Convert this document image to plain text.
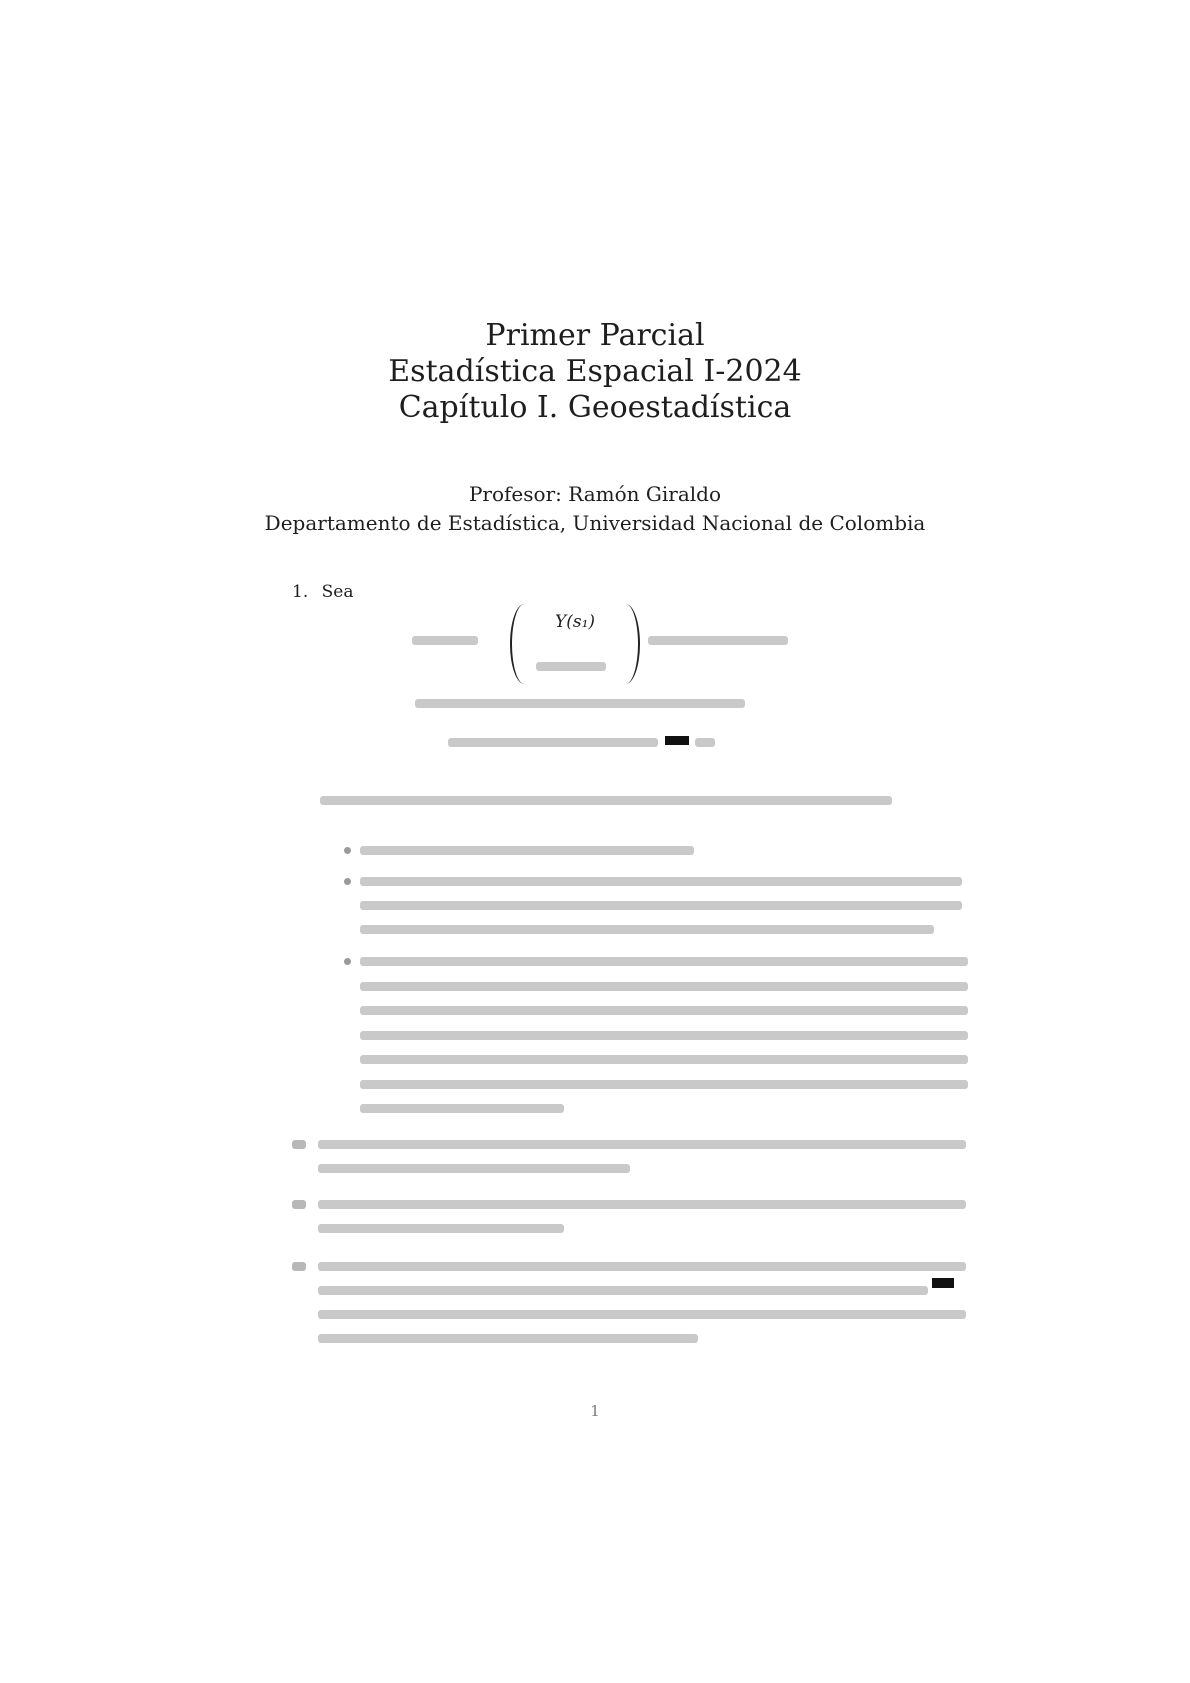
Primer Parcial
Estadística Espacial I-2024
Capítulo I. Geoestadística
Profesor: Ramón Giraldo
Departamento de Estadística, Universidad Nacional de Colombia
1. Sea
Y(s₁)
1
